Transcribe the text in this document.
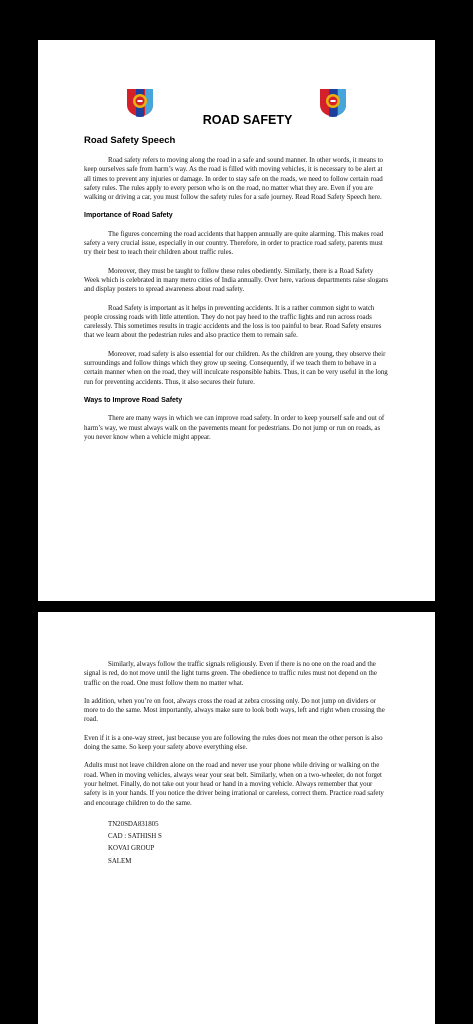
ROAD SAFETY
Road Safety Speech

Road safety refers to moving along the road in a safe and sound manner. In other words, it means to keep ourselves safe from harm’s way. As the road is filled with moving vehicles, it is necessary to be alert at all times to prevent any injuries or damage. In order to stay safe on the roads, we need to follow certain road safety rules. The rules apply to every person who is on the road, no matter what they are. Even if you are walking or driving a car, you must follow the safety rules for a safe journey. Read Road Safety Speech here.

Importance of Road Safety

The figures concerning the road accidents that happen annually are quite alarming. This makes road safety a very crucial issue, especially in our country. Therefore, in order to practice road safety, parents must try their best to teach their children about traffic rules.

Moreover, they must be taught to follow these rules obediently. Similarly, there is a Road Safety Week which is celebrated in many metro cities of India annually. Over here, various departments raise slogans and display posters to spread awareness about road safety.

Road Safety is important as it helps in preventing accidents. It is a rather common sight to watch people crossing roads with little attention. They do not pay heed to the traffic lights and run across roads carelessly. This sometimes results in tragic accidents and the loss is too painful to bear. Road Safety ensures that we learn about the pedestrian rules and also practice them to remain safe.

Moreover, road safety is also essential for our children. As the children are young, they observe their surroundings and follow things which they grow up seeing. Consequently, if we teach them to behave in a certain manner when on the road, they will inculcate responsible habits. Thus, it can be very useful in the long run for preventing accidents. Thus, it also secures their future.

Ways to Improve Road Safety

There are many ways in which we can improve road safety. In order to keep yourself safe and out of harm’s way, we must always walk on the pavements meant for pedestrians. Do not jump or run on roads, as you never know when a vehicle might appear.

Similarly, always follow the traffic signals religiously. Even if there is no one on the road and the signal is red, do not move until the light turns green. The obedience to traffic rules must not depend on the traffic on the road. One must follow them no matter what.

In addition, when you’re on foot, always cross the road at zebra crossing only. Do not jump on dividers or more to do the same. Most importantly, always make sure to look both ways, left and right when crossing the road.

Even if it is a one-way street, just because you are following the rules does not mean the other person is also doing the same. So keep your safety above everything else.

Adults must not leave children alone on the road and never use your phone while driving or walking on the road. When in moving vehicles, always wear your seat belt. Similarly, when on a two-wheeler, do not forget your helmet. Finally, do not take out your head or hand in a moving vehicle. Always remember that your safety is in your hands. If you notice the driver being irrational or careless, correct them. Practice road safety and encourage children to do the same.

TN20SDA831805
CAD : SATHISH S
KOVAI GROUP
SALEM
